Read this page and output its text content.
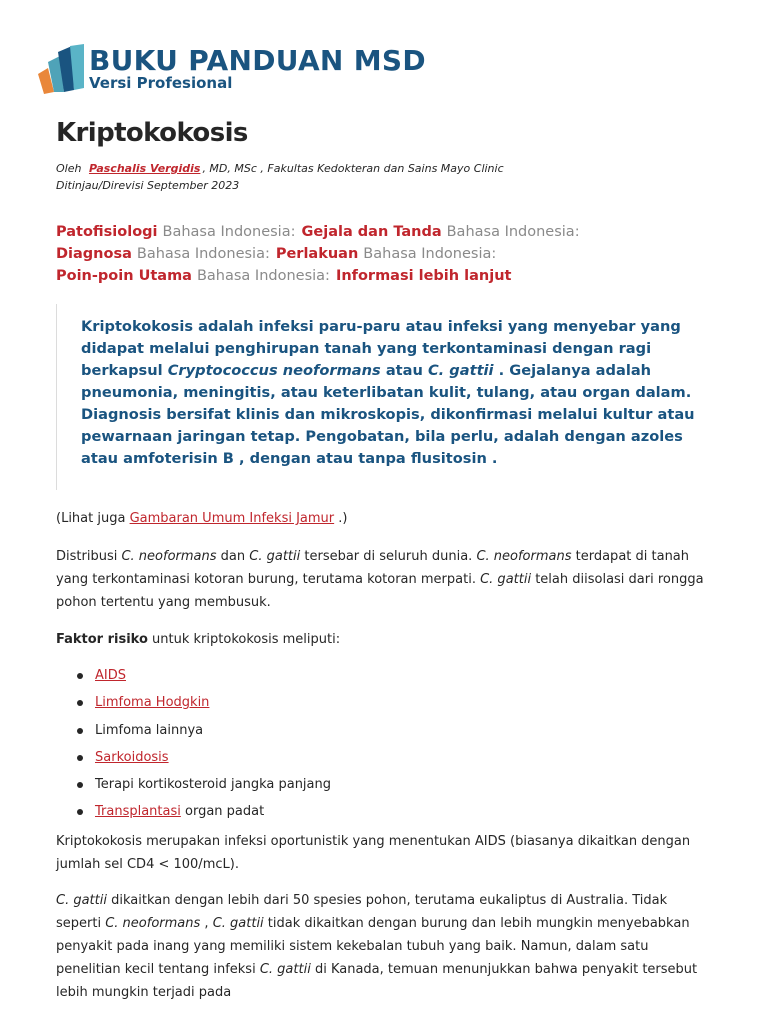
BUKU PANDUAN MSD
Versi Profesional
Kriptokokosis
Oleh Paschalis Vergidis , MD, MSc , Fakultas Kedokteran dan Sains Mayo Clinic
Ditinjau/Direvisi September 2023
Patofisiologi Bahasa Indonesia: Gejala dan Tanda Bahasa Indonesia:
Diagnosa Bahasa Indonesia: Perlakuan Bahasa Indonesia:
Poin-poin Utama Bahasa Indonesia: Informasi lebih lanjut

Kriptokokosis adalah infeksi paru-paru atau infeksi yang menyebar yang didapat melalui penghirupan tanah yang terkontaminasi dengan ragi berkapsul Cryptococcus neoformans atau C. gattii . Gejalanya adalah pneumonia, meningitis, atau keterlibatan kulit, tulang, atau organ dalam. Diagnosis bersifat klinis dan mikroskopis, dikonfirmasi melalui kultur atau pewarnaan jaringan tetap. Pengobatan, bila perlu, adalah dengan azoles atau amfoterisin B , dengan atau tanpa flusitosin .

(Lihat juga Gambaran Umum Infeksi Jamur .)

Distribusi C. neoformans dan C. gattii tersebar di seluruh dunia. C. neoformans terdapat di tanah yang terkontaminasi kotoran burung, terutama kotoran merpati. C. gattii telah diisolasi dari rongga pohon tertentu yang membusuk.

Faktor risiko untuk kriptokokosis meliputi:

AIDS
Limfoma Hodgkin
Limfoma lainnya
Sarkoidosis
Terapi kortikosteroid jangka panjang
Transplantasi organ padat

Kriptokokosis merupakan infeksi oportunistik yang menentukan AIDS (biasanya dikaitkan dengan jumlah sel CD4 < 100/mcL).

C. gattii dikaitkan dengan lebih dari 50 spesies pohon, terutama eukaliptus di Australia. Tidak seperti C. neoformans , C. gattii tidak dikaitkan dengan burung dan lebih mungkin menyebabkan penyakit pada inang yang memiliki sistem kekebalan tubuh yang baik. Namun, dalam satu penelitian kecil tentang infeksi C. gattii di Kanada, temuan menunjukkan bahwa penyakit tersebut lebih mungkin terjadi pada
